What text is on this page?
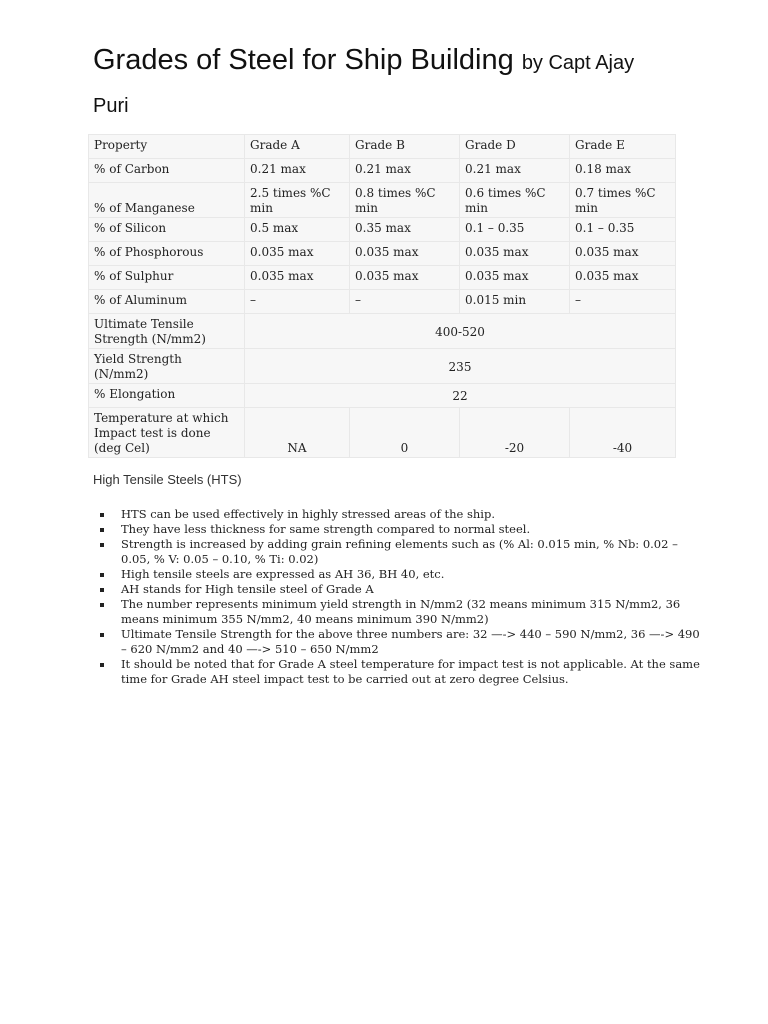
Grades of Steel for Ship Building by Capt Ajay Puri
Property	Grade A	Grade B	Grade D	Grade E
% of Carbon	0.21 max	0.21 max	0.21 max	0.18 max
% of Manganese	2.5 times %C min	0.8 times %C min	0.6 times %C min	0.7 times %C min
% of Silicon	0.5 max	0.35 max	0.1 – 0.35	0.1 – 0.35
% of Phosphorous	0.035 max	0.035 max	0.035 max	0.035 max
% of Sulphur	0.035 max	0.035 max	0.035 max	0.035 max
% of Aluminum	–	–	0.015 min	–
Ultimate Tensile Strength (N/mm2)	400-520			
Yield Strength (N/mm2)	235			
% Elongation	22			
Temperature at which Impact test is done (deg Cel)	NA	0	-20	-40
High Tensile Steels (HTS)
HTS can be used effectively in highly stressed areas of the ship.
They have less thickness for same strength compared to normal steel.
Strength is increased by adding grain refining elements such as (% Al: 0.015 min, % Nb: 0.02 – 0.05, % V: 0.05 – 0.10, % Ti: 0.02)
High tensile steels are expressed as AH 36, BH 40, etc.
AH stands for High tensile steel of Grade A
The number represents minimum yield strength in N/mm2 (32 means minimum 315 N/mm2, 36 means minimum 355 N/mm2, 40 means minimum 390 N/mm2)
Ultimate Tensile Strength for the above three numbers are: 32 —-> 440 – 590 N/mm2, 36 —-> 490 – 620 N/mm2 and 40 —-> 510 – 650 N/mm2
It should be noted that for Grade A steel temperature for impact test is not applicable. At the same time for Grade AH steel impact test to be carried out at zero degree Celsius.
